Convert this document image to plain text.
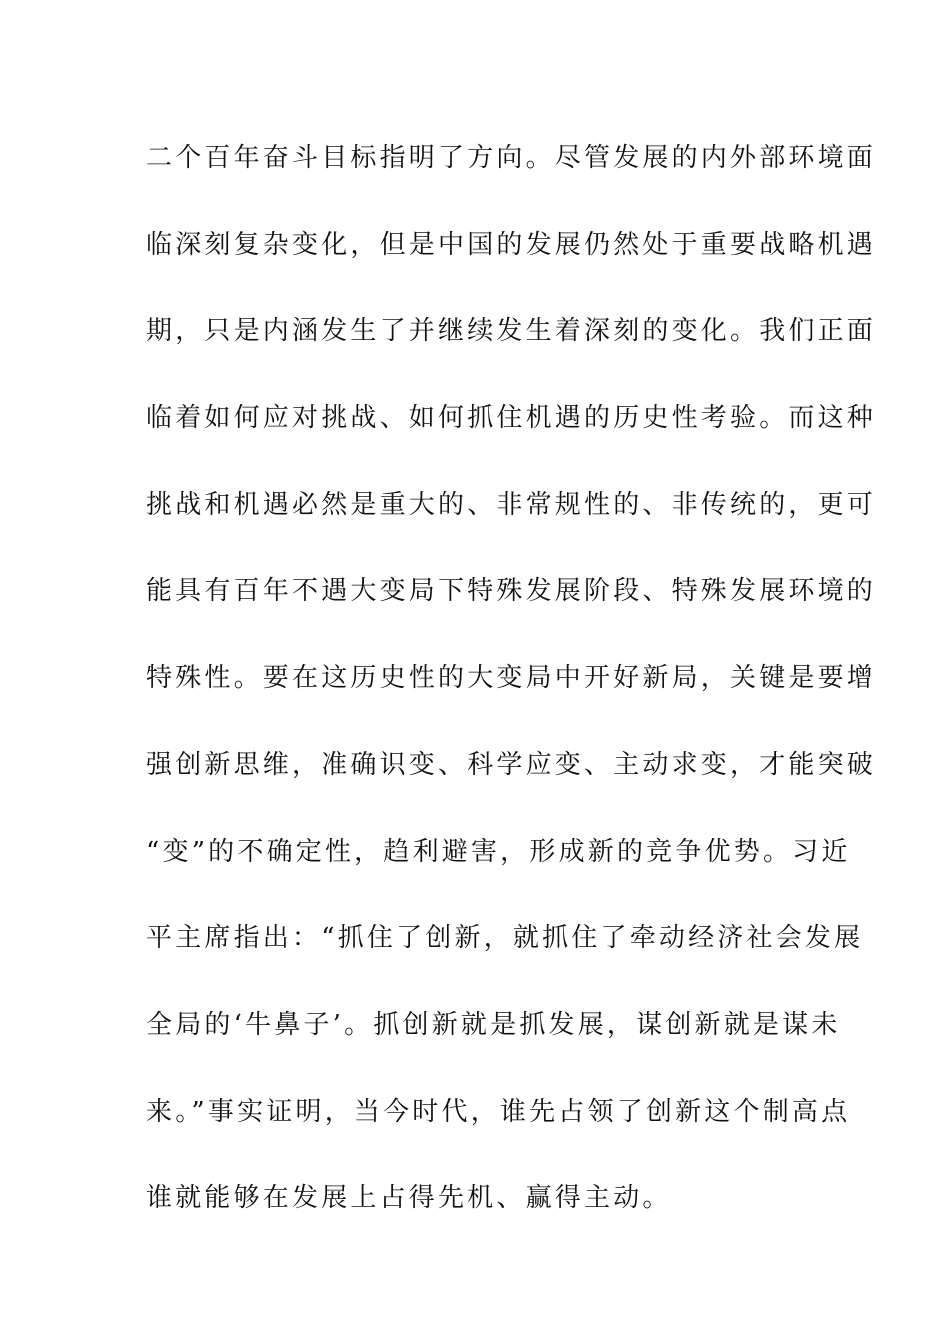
二个百年奋斗目标指明了方向。尽管发展的内外部环境面
临深刻复杂变化，但是中国的发展仍然处于重要战略机遇
期，只是内涵发生了并继续发生着深刻的变化。我们正面
临着如何应对挑战、如何抓住机遇的历史性考验。而这种
挑战和机遇必然是重大的、非常规性的、非传统的，更可
能具有百年不遇大变局下特殊发展阶段、特殊发展环境的
特殊性。要在这历史性的大变局中开好新局，关键是要增
强创新思维，准确识变、科学应变、主动求变，才能突破
“变”的不确定性，趋利避害，形成新的竞争优势。习近
平主席指出：“抓住了创新，就抓住了牵动经济社会发展
全局的‘牛鼻子’。抓创新就是抓发展，谋创新就是谋未
来。”事实证明，当今时代，谁先占领了创新这个制高点
谁就能够在发展上占得先机、赢得主动。
